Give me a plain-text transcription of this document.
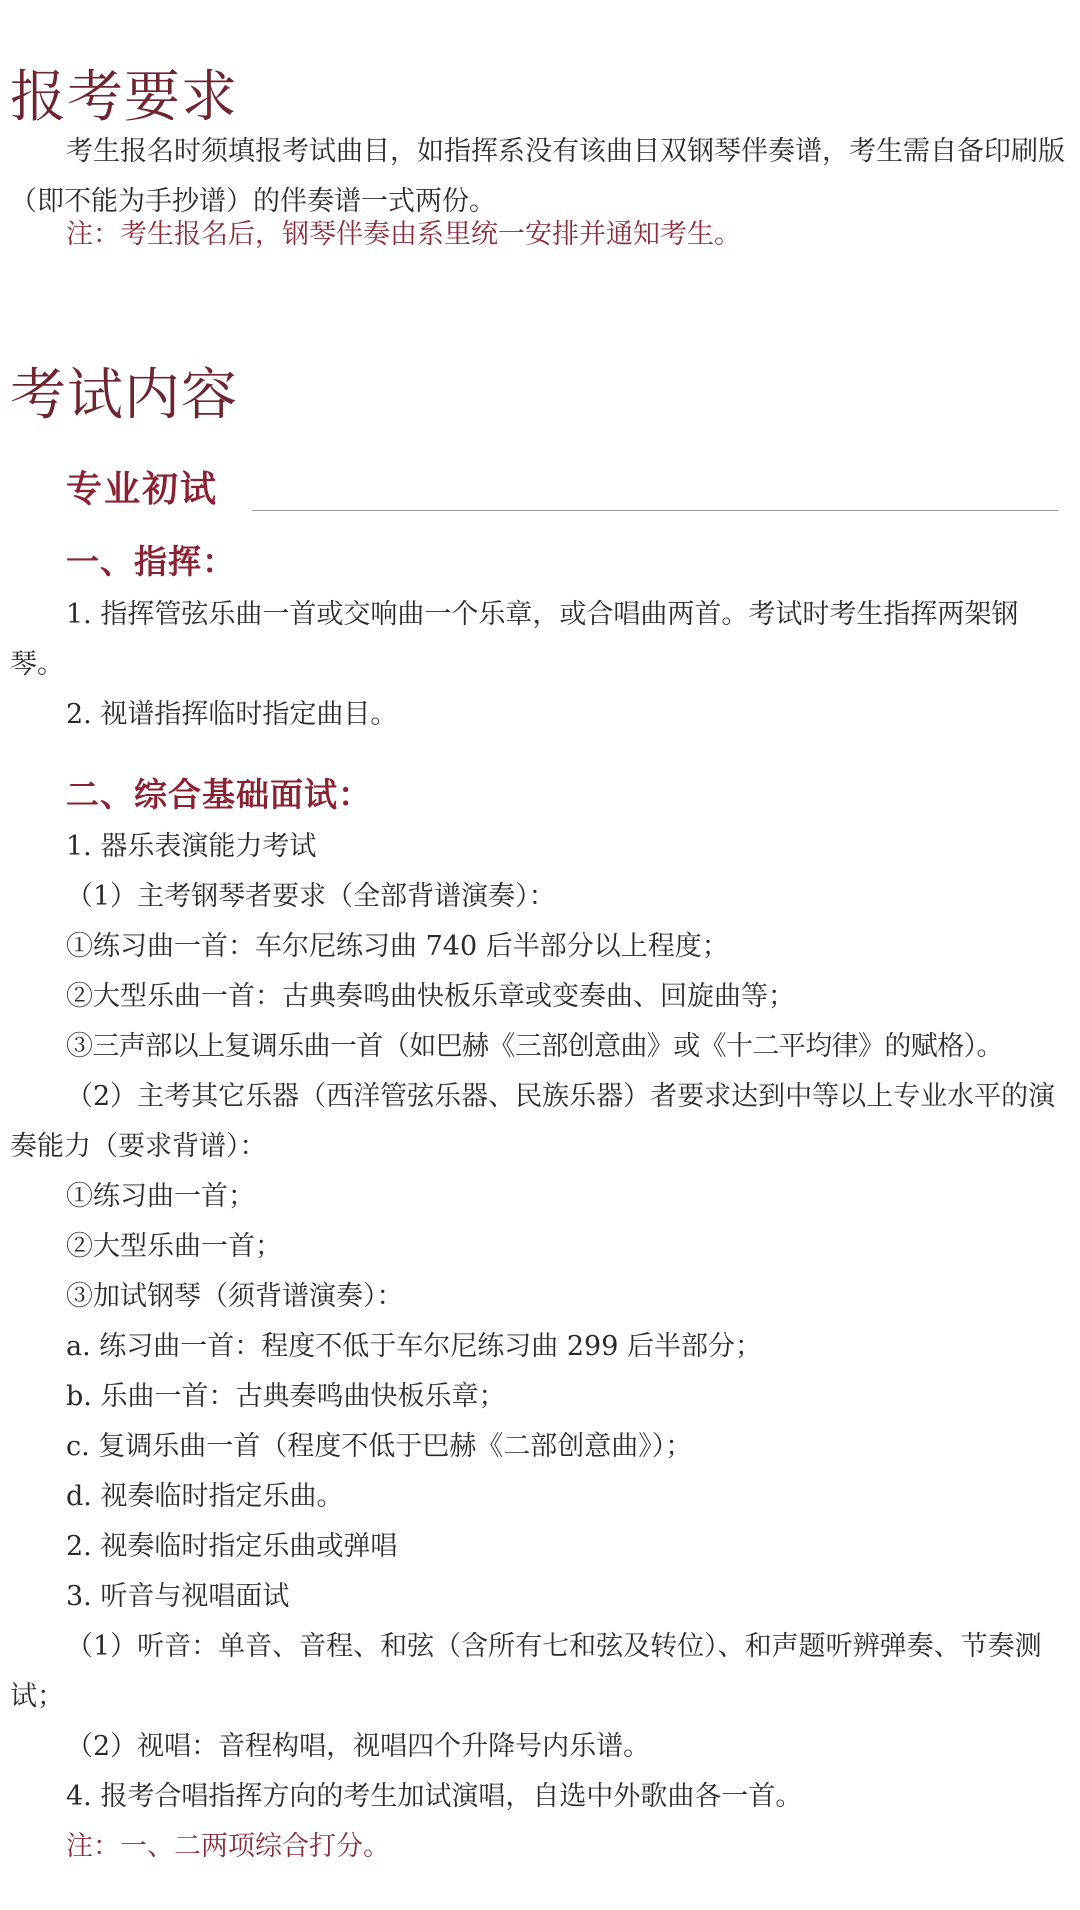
报考要求

考生报名时须填报考试曲目，如指挥系没有该曲目双钢琴伴奏谱，考生需自备印刷版（即不能为手抄谱）的伴奏谱一式两份。

注：考生报名后，钢琴伴奏由系里统一安排并通知考生。

考试内容
专业初试
一、指挥：

1. 指挥管弦乐曲一首或交响曲一个乐章，或合唱曲两首。考试时考生指挥两架钢琴。

2. 视谱指挥临时指定曲目。

二、综合基础面试：

1. 器乐表演能力考试

（1）主考钢琴者要求（全部背谱演奏）：

①练习曲一首：车尔尼练习曲 740 后半部分以上程度；

②大型乐曲一首：古典奏鸣曲快板乐章或变奏曲、回旋曲等；

③三声部以上复调乐曲一首（如巴赫《三部创意曲》或《十二平均律》的赋格）。

（2）主考其它乐器（西洋管弦乐器、民族乐器）者要求达到中等以上专业水平的演奏能力（要求背谱）：

①练习曲一首；

②大型乐曲一首；

③加试钢琴（须背谱演奏）：

a. 练习曲一首：程度不低于车尔尼练习曲 299 后半部分；

b. 乐曲一首：古典奏鸣曲快板乐章；

c. 复调乐曲一首（程度不低于巴赫《二部创意曲》）；

d. 视奏临时指定乐曲。

2. 视奏临时指定乐曲或弹唱

3. 听音与视唱面试

（1）听音：单音、音程、和弦（含所有七和弦及转位）、和声题听辨弹奏、节奏测试；

（2）视唱：音程构唱，视唱四个升降号内乐谱。

4. 报考合唱指挥方向的考生加试演唱，自选中外歌曲各一首。

注：一、二两项综合打分。
